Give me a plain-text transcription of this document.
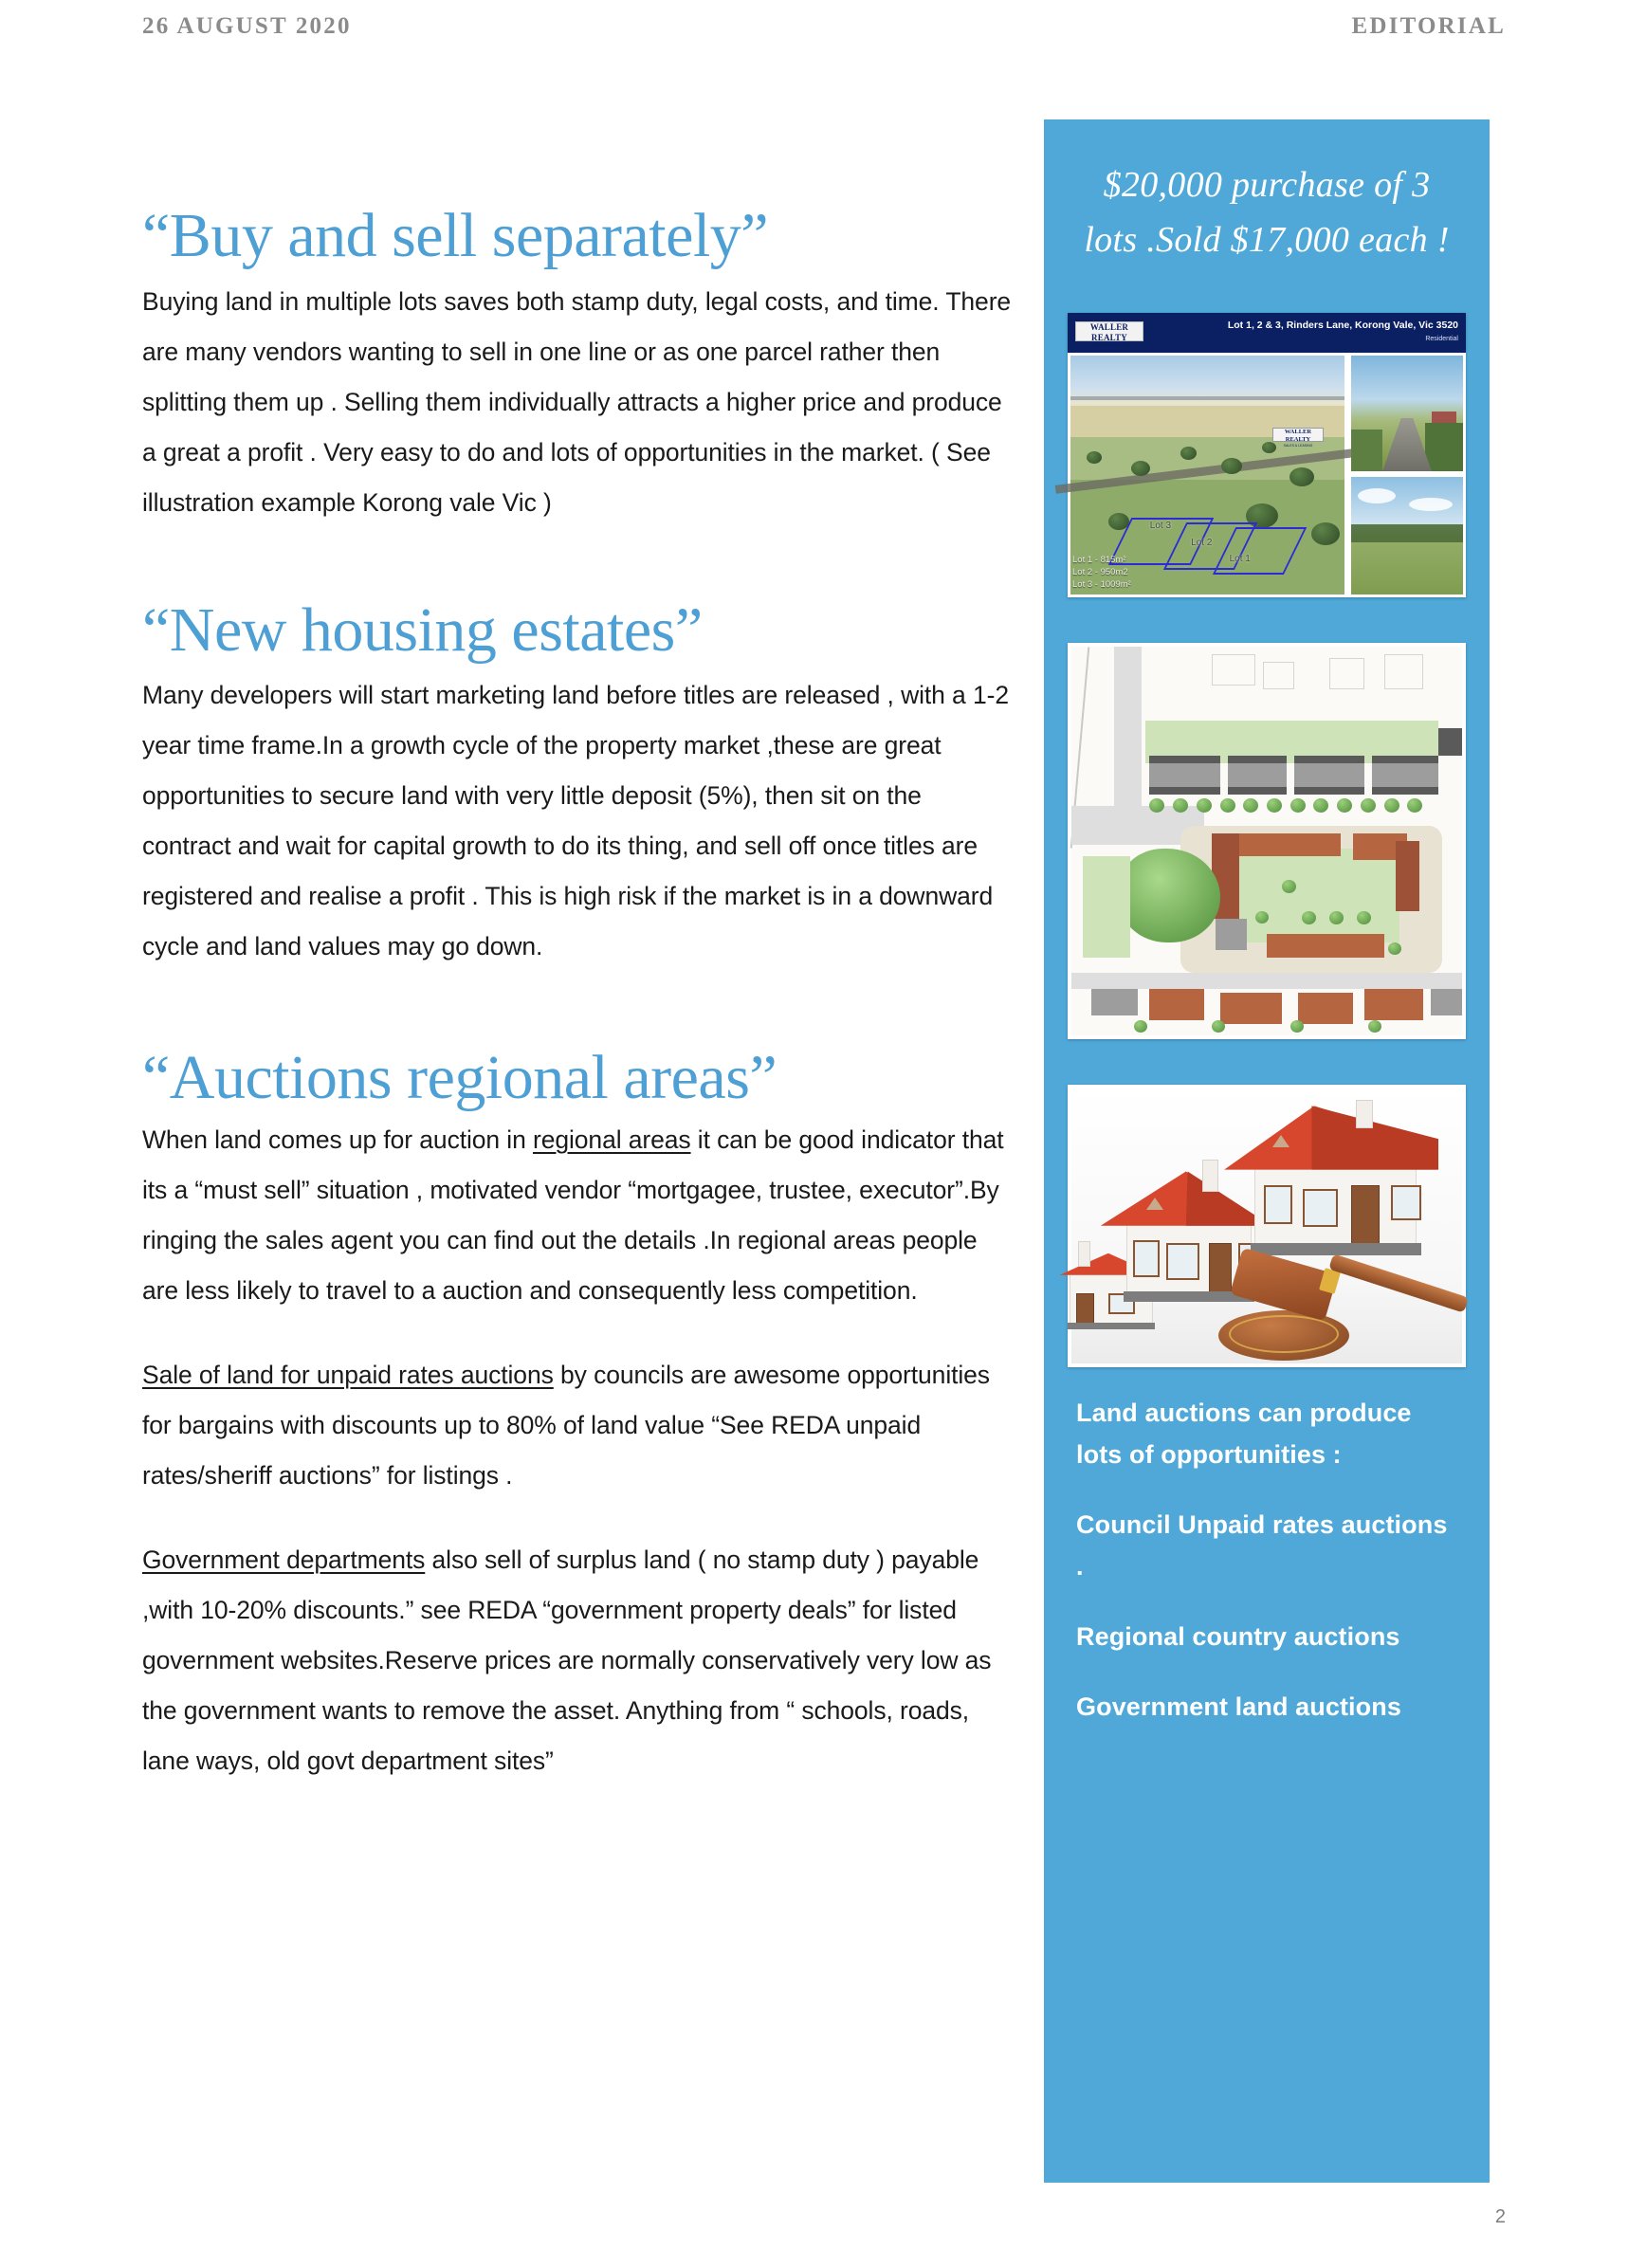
26 AUGUST 2020	EDITORIAL
“Buy and sell separately”

Buying land in multiple lots saves both stamp duty, legal costs, and time. There are many vendors wanting to sell in one line or as one parcel rather then splitting them up . Selling them individually attracts a higher price and produce a great a profit . Very easy to do and lots of opportunities in the market. ( See illustration example Korong vale Vic )

“New housing estates”

Many developers will start marketing land before titles are released , with a 1-2 year time frame.In a growth cycle of the property market ,these are great opportunities to secure land with very little deposit (5%), then sit on the contract and wait for capital growth to do its thing, and sell off once titles are registered and realise a profit . This is high risk if the market is in a downward cycle and land values may go down.

“Auctions regional areas”

When land comes up for auction in regional areas it can be good indicator that its a “must sell” situation , motivated vendor “mortgagee, trustee, executor”.By ringing the sales agent you can find out the details .In regional areas people are less likely to travel to a auction and consequently less competition.

Sale of land for unpaid rates auctions by councils are awesome opportunities for bargains with discounts up to 80% of land value “See REDA unpaid rates/sheriff auctions” for listings .

Government departments also sell of surplus land ( no stamp duty ) payable ,with 10-20% discounts.” see REDA “government property deals” for listed government websites.Reserve prices are normally conservatively very low as the government wants to remove the asset. Anything from “ schools, roads, lane ways, old govt department sites”

$20,000 purchase of 3 lots .Sold $17,000 each !
WALLER REALTY
SALES & LEASING
Lot 1, 2 & 3, Rinders Lane, Korong Vale, Vic 3520
Residential
WALLER REALTY
SALES & LEASING
Lot 3
Lot 2
Lot 1
Lot 1 - 815m²
Lot 2 - 950m2
Lot 3 - 1009m²

Land auctions can produce lots of opportunities :

Council Unpaid rates auctions .

Regional country auctions

Government land auctions

2
